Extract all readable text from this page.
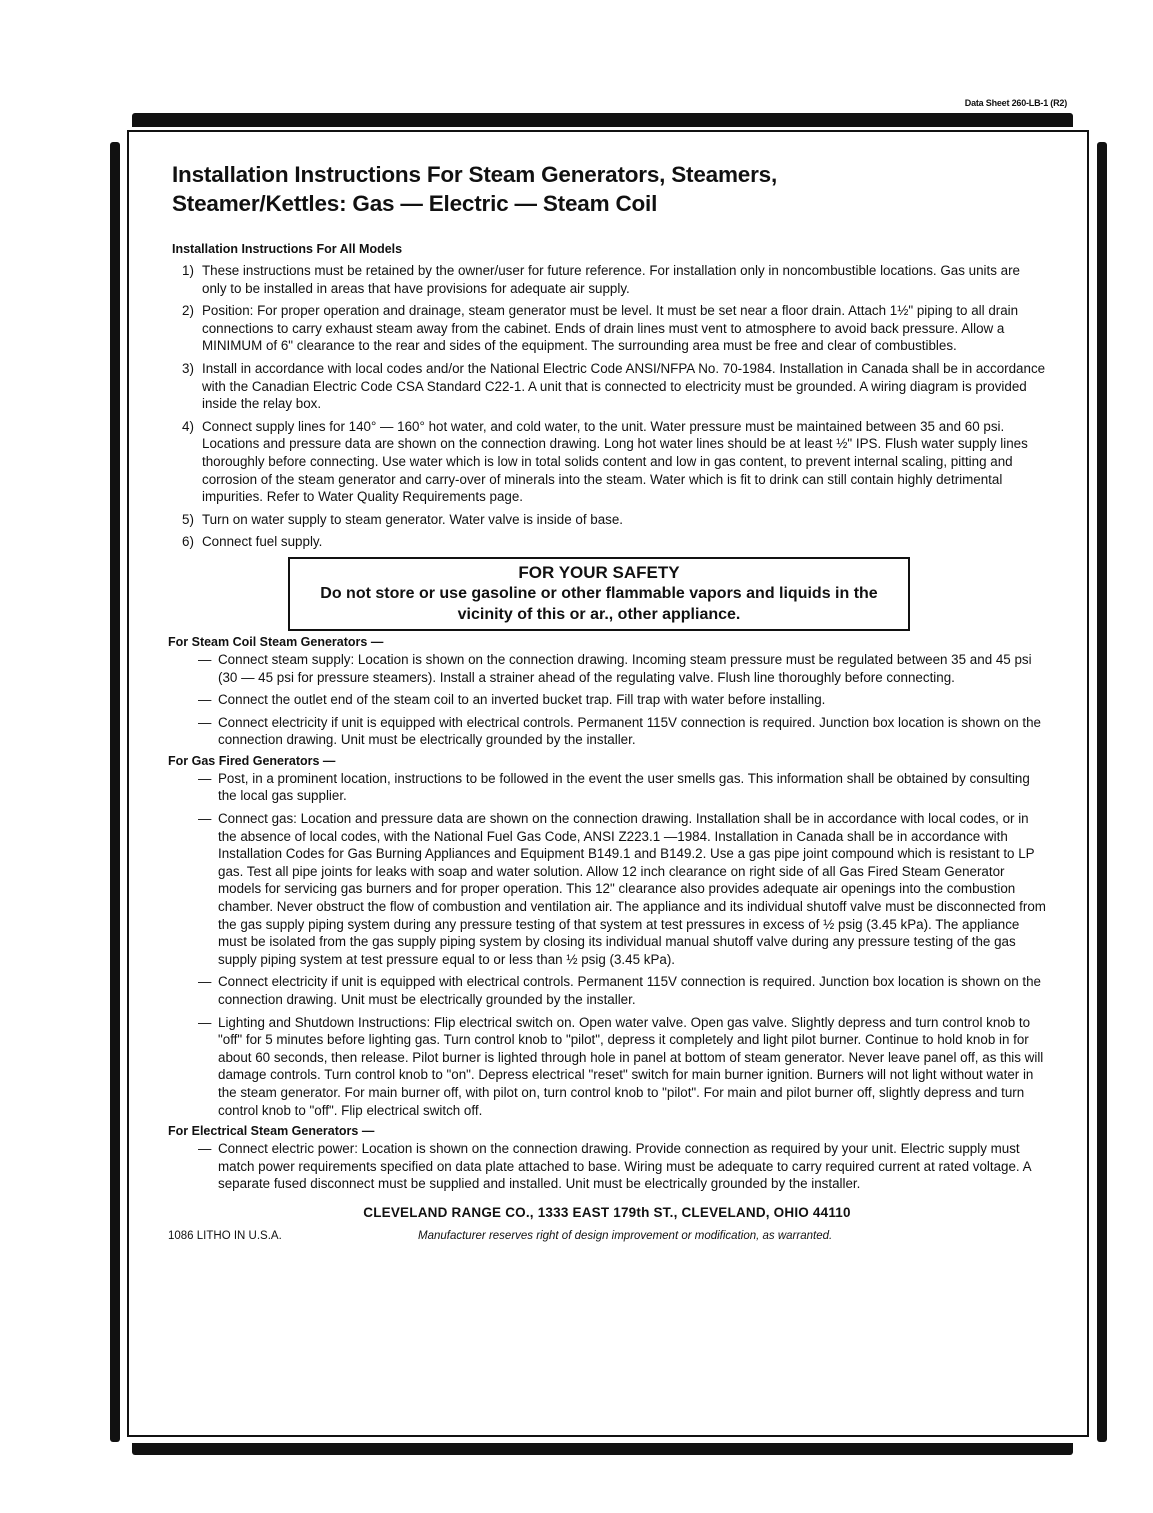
Data Sheet 260-LB-1 (R2)
Installation Instructions For Steam Generators, Steamers,
Steamer/Kettles: Gas — Electric — Steam Coil
Installation Instructions For All Models
1) These instructions must be retained by the owner/user for future reference. For installation only in noncombustible locations. Gas units are only to be installed in areas that have provisions for adequate air supply.
2) Position: For proper operation and drainage, steam generator must be level. It must be set near a floor drain. Attach 1½" piping to all drain connections to carry exhaust steam away from the cabinet. Ends of drain lines must vent to atmosphere to avoid back pressure. Allow a MINIMUM of 6" clearance to the rear and sides of the equipment. The surrounding area must be free and clear of combustibles.
3) Install in accordance with local codes and/or the National Electric Code ANSI/NFPA No. 70-1984. Installation in Canada shall be in accordance with the Canadian Electric Code CSA Standard C22-1. A unit that is connected to electricity must be grounded. A wiring diagram is provided inside the relay box.
4) Connect supply lines for 140° — 160° hot water, and cold water, to the unit. Water pressure must be maintained between 35 and 60 psi. Locations and pressure data are shown on the connection drawing. Long hot water lines should be at least ½" IPS. Flush water supply lines thoroughly before connecting. Use water which is low in total solids content and low in gas content, to prevent internal scaling, pitting and corrosion of the steam generator and carry-over of minerals into the steam. Water which is fit to drink can still contain highly detrimental impurities. Refer to Water Quality Requirements page.
5) Turn on water supply to steam generator. Water valve is inside of base.
6) Connect fuel supply.
FOR YOUR SAFETY
Do not store or use gasoline or other flammable vapors and liquids in the vicinity of this or ar., other appliance.
For Steam Coil Steam Generators —
— Connect steam supply: Location is shown on the connection drawing. Incoming steam pressure must be regulated between 35 and 45 psi (30 — 45 psi for pressure steamers). Install a strainer ahead of the regulating valve. Flush line thoroughly before connecting.
— Connect the outlet end of the steam coil to an inverted bucket trap. Fill trap with water before installing.
— Connect electricity if unit is equipped with electrical controls. Permanent 115V connection is required. Junction box location is shown on the connection drawing. Unit must be electrically grounded by the installer.
For Gas Fired Generators —
— Post, in a prominent location, instructions to be followed in the event the user smells gas. This information shall be obtained by consulting the local gas supplier.
— Connect gas: Location and pressure data are shown on the connection drawing. Installation shall be in accordance with local codes, or in the absence of local codes, with the National Fuel Gas Code, ANSI Z223.1 —1984. Installation in Canada shall be in accordance with Installation Codes for Gas Burning Appliances and Equipment B149.1 and B149.2. Use a gas pipe joint compound which is resistant to LP gas. Test all pipe joints for leaks with soap and water solution. Allow 12 inch clearance on right side of all Gas Fired Steam Generator models for servicing gas burners and for proper operation. This 12" clearance also provides adequate air openings into the combustion chamber. Never obstruct the flow of combustion and ventilation air. The appliance and its individual shutoff valve must be disconnected from the gas supply piping system during any pressure testing of that system at test pressures in excess of ½ psig (3.45 kPa). The appliance must be isolated from the gas supply piping system by closing its individual manual shutoff valve during any pressure testing of the gas supply piping system at test pressure equal to or less than ½ psig (3.45 kPa).
— Connect electricity if unit is equipped with electrical controls. Permanent 115V connection is required. Junction box location is shown on the connection drawing. Unit must be electrically grounded by the installer.
— Lighting and Shutdown Instructions: Flip electrical switch on. Open water valve. Open gas valve. Slightly depress and turn control knob to "off" for 5 minutes before lighting gas. Turn control knob to "pilot", depress it completely and light pilot burner. Continue to hold knob in for about 60 seconds, then release. Pilot burner is lighted through hole in panel at bottom of steam generator. Never leave panel off, as this will damage controls. Turn control knob to "on". Depress electrical "reset" switch for main burner ignition. Burners will not light without water in the steam generator. For main burner off, with pilot on, turn control knob to "pilot". For main and pilot burner off, slightly depress and turn control knob to "off". Flip electrical switch off.
For Electrical Steam Generators —
— Connect electric power: Location is shown on the connection drawing. Provide connection as required by your unit. Electric supply must match power requirements specified on data plate attached to base. Wiring must be adequate to carry required current at rated voltage. A separate fused disconnect must be supplied and installed. Unit must be electrically grounded by the installer.
CLEVELAND RANGE CO., 1333 EAST 179th ST., CLEVELAND, OHIO 44110
1086 LITHO IN U.S.A.	Manufacturer reserves right of design improvement or modification, as warranted.
